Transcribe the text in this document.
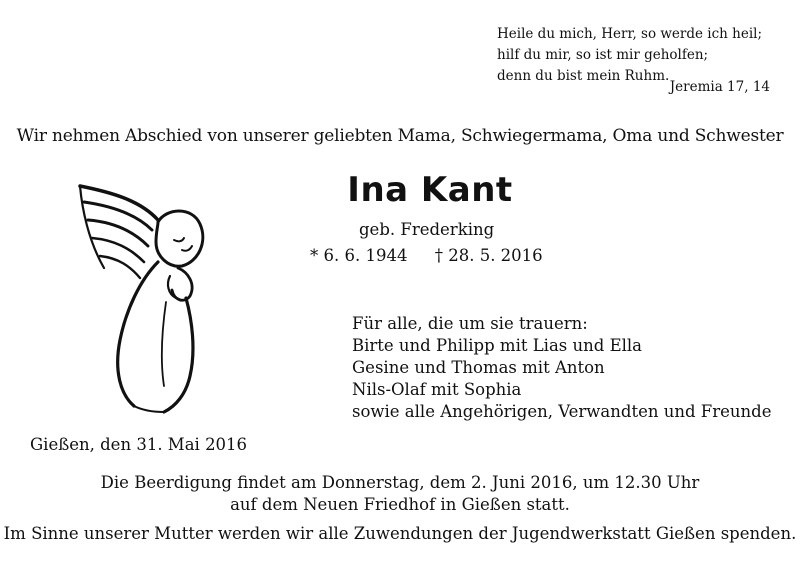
Heile du mich, Herr, so werde ich heil;
hilf du mir, so ist mir geholfen;
denn du bist mein Ruhm.
Jeremia 17, 14
Wir nehmen Abschied von unserer geliebten Mama, Schwiegermama, Oma und Schwester
Ina Kant
geb. Frederking
* 6. 6. 1944 † 28. 5. 2016
Für alle, die um sie trauern:
Birte und Philipp mit Lias und Ella
Gesine und Thomas mit Anton
Nils-Olaf mit Sophia
sowie alle Angehörigen, Verwandten und Freunde
Gießen, den 31. Mai 2016
Die Beerdigung findet am Donnerstag, dem 2. Juni 2016, um 12.30 Uhr
auf dem Neuen Friedhof in Gießen statt.
Im Sinne unserer Mutter werden wir alle Zuwendungen der Jugendwerkstatt Gießen spenden.
